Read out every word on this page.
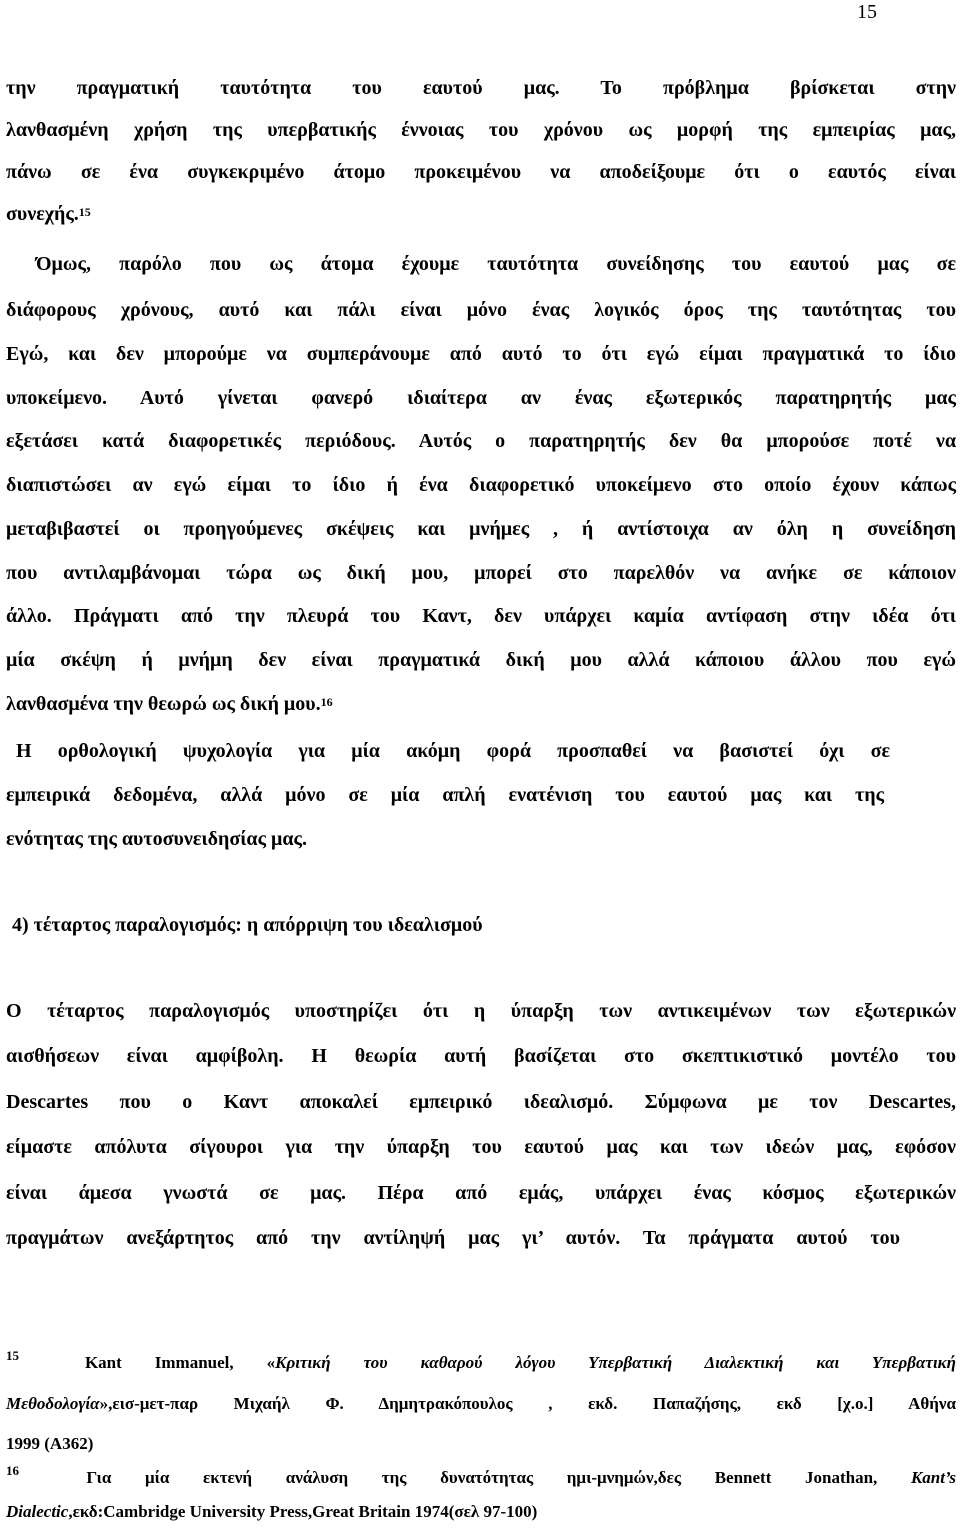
15
την πραγματική ταυτότητα του εαυτού μας. Το πρόβλημα βρίσκεται στην
λανθασμένη χρήση της υπερβατικής έννοιας του χρόνου ως μορφή της εμπειρίας μας,
πάνω σε ένα συγκεκριμένο άτομο προκειμένου να αποδείξουμε ότι ο εαυτός είναι
συνεχής.$^{15}$
Όμως, παρόλο που ως άτομα έχουμε ταυτότητα συνείδησης του εαυτού μας σε
διάφορους χρόνους, αυτό και πάλι είναι μόνο ένας λογικός όρος της ταυτότητας του
Εγώ, και δεν μπορούμε να συμπεράνουμε από αυτό το ότι εγώ είμαι πραγματικά το ίδιο
υποκείμενο. Αυτό γίνεται φανερό ιδιαίτερα αν ένας εξωτερικός παρατηρητής μας
εξετάσει κατά διαφορετικές περιόδους. Αυτός ο παρατηρητής δεν θα μπορούσε ποτέ να
διαπιστώσει αν εγώ είμαι το ίδιο ή ένα διαφορετικό υποκείμενο στο οποίο έχουν κάπως
μεταβιβαστεί οι προηγούμενες σκέψεις και μνήμες , ή αντίστοιχα αν όλη η συνείδηση
που αντιλαμβάνομαι τώρα ως δική μου, μπορεί στο παρελθόν να ανήκε σε κάποιον
άλλο. Πράγματι από την πλευρά του Καντ, δεν υπάρχει καμία αντίφαση στην ιδέα ότι
μία σκέψη ή μνήμη δεν είναι πραγματικά δική μου αλλά κάποιου άλλου που εγώ
λανθασμένα την θεωρώ ως δική μου.$^{16}$
Η ορθολογική ψυχολογία για μία ακόμη φορά προσπαθεί να βασιστεί όχι σε
εμπειρικά δεδομένα, αλλά μόνο σε μία απλή ενατένιση του εαυτού μας και της
ενότητας της αυτοσυνειδησίας μας.
4) τέταρτος παραλογισμός: η απόρριψη του ιδεαλισμού
Ο τέταρτος παραλογισμός υποστηρίζει ότι η ύπαρξη των αντικειμένων των εξωτερικών
αισθήσεων είναι αμφίβολη. Η θεωρία αυτή βασίζεται στο σκεπτικιστικό μοντέλο του
Descartes που ο Καντ αποκαλεί εμπειρικό ιδεαλισμό. Σύμφωνα με τον Descartes,
είμαστε απόλυτα σίγουροι για την ύπαρξη του εαυτού μας και των ιδεών μας, εφόσον
είναι άμεσα γνωστά σε μας. Πέρα από εμάς, υπάρχει ένας κόσμος εξωτερικών
πραγμάτων ανεξάρτητος από την αντίληψή μας γι’ αυτόν. Τα πράγματα αυτού του
$^{15}$	Kant Immanuel, «Κριτική του καθαρού λόγου Υπερβατική Διαλεκτική και Υπερβατική
Μεθοδολογία»,εισ-μετ-παρ Μιχαήλ Φ. Δημητρακόπουλος , εκδ. Παπαζήσης, εκδ [χ.ο.] Αθήνα
1999 (Α362)
$^{16}$	Για μία εκτενή ανάλυση της δυνατότητας ημι-μνημών,δες Bennett Jonathan, Kant’s
Dialectic,εκδ:Cambridge University Press,Great Britain 1974(σελ 97-100)
